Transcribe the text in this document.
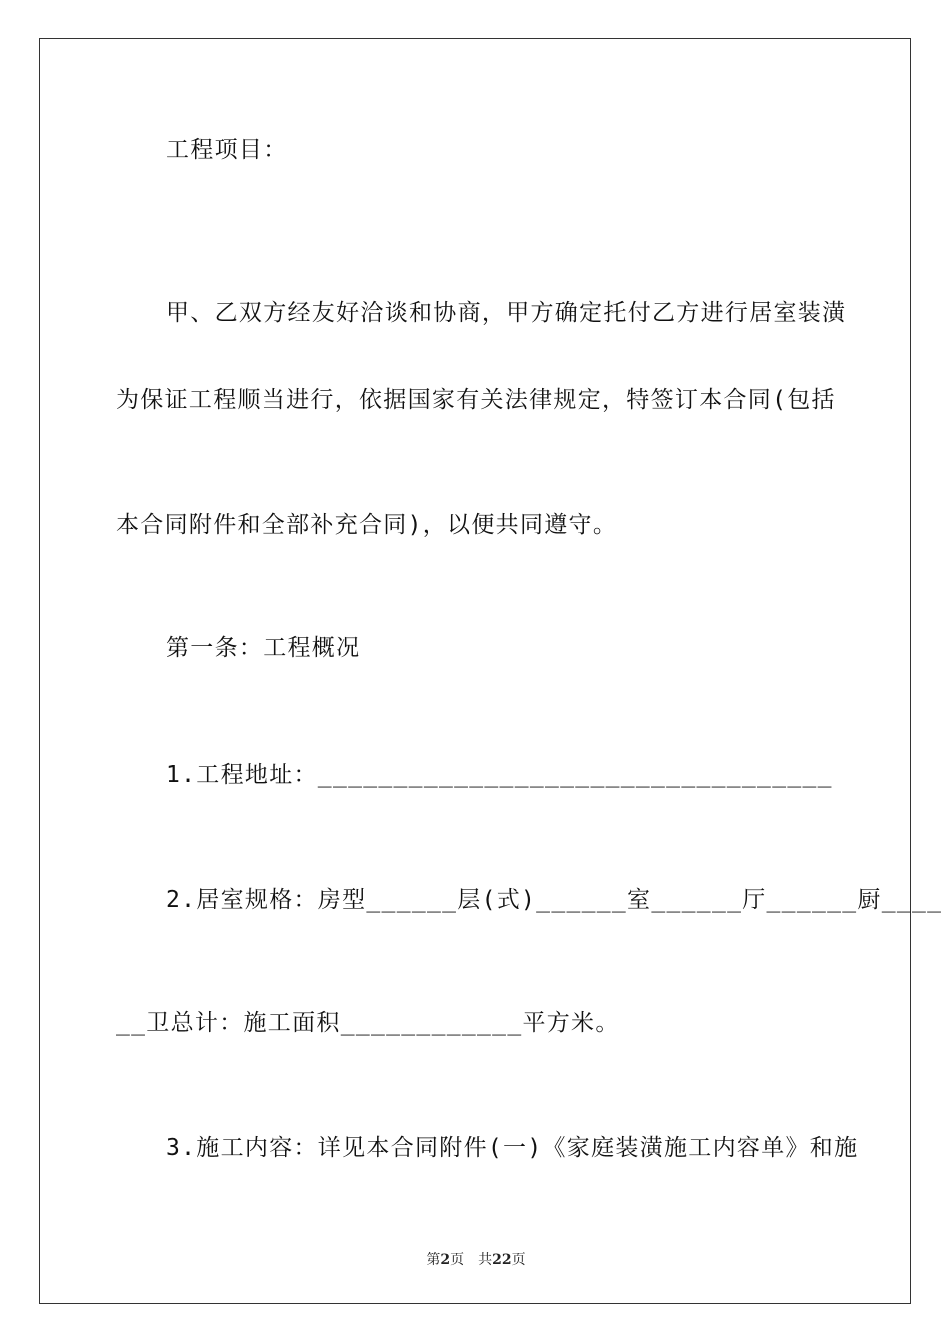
工程项目：
甲、乙双方经友好洽谈和协商，甲方确定托付乙方进行居室装潢
为保证工程顺当进行，依据国家有关法律规定，特签订本合同(包括
本合同附件和全部补充合同)，以便共同遵守。
第一条：工程概况
1.工程地址：__________________________________
2.居室规格：房型______层(式)______室______厅______厨____
__卫总计：施工面积____________平方米。
3.施工内容：详见本合同附件(一)《家庭装潢施工内容单》和施
第2页 共22页
